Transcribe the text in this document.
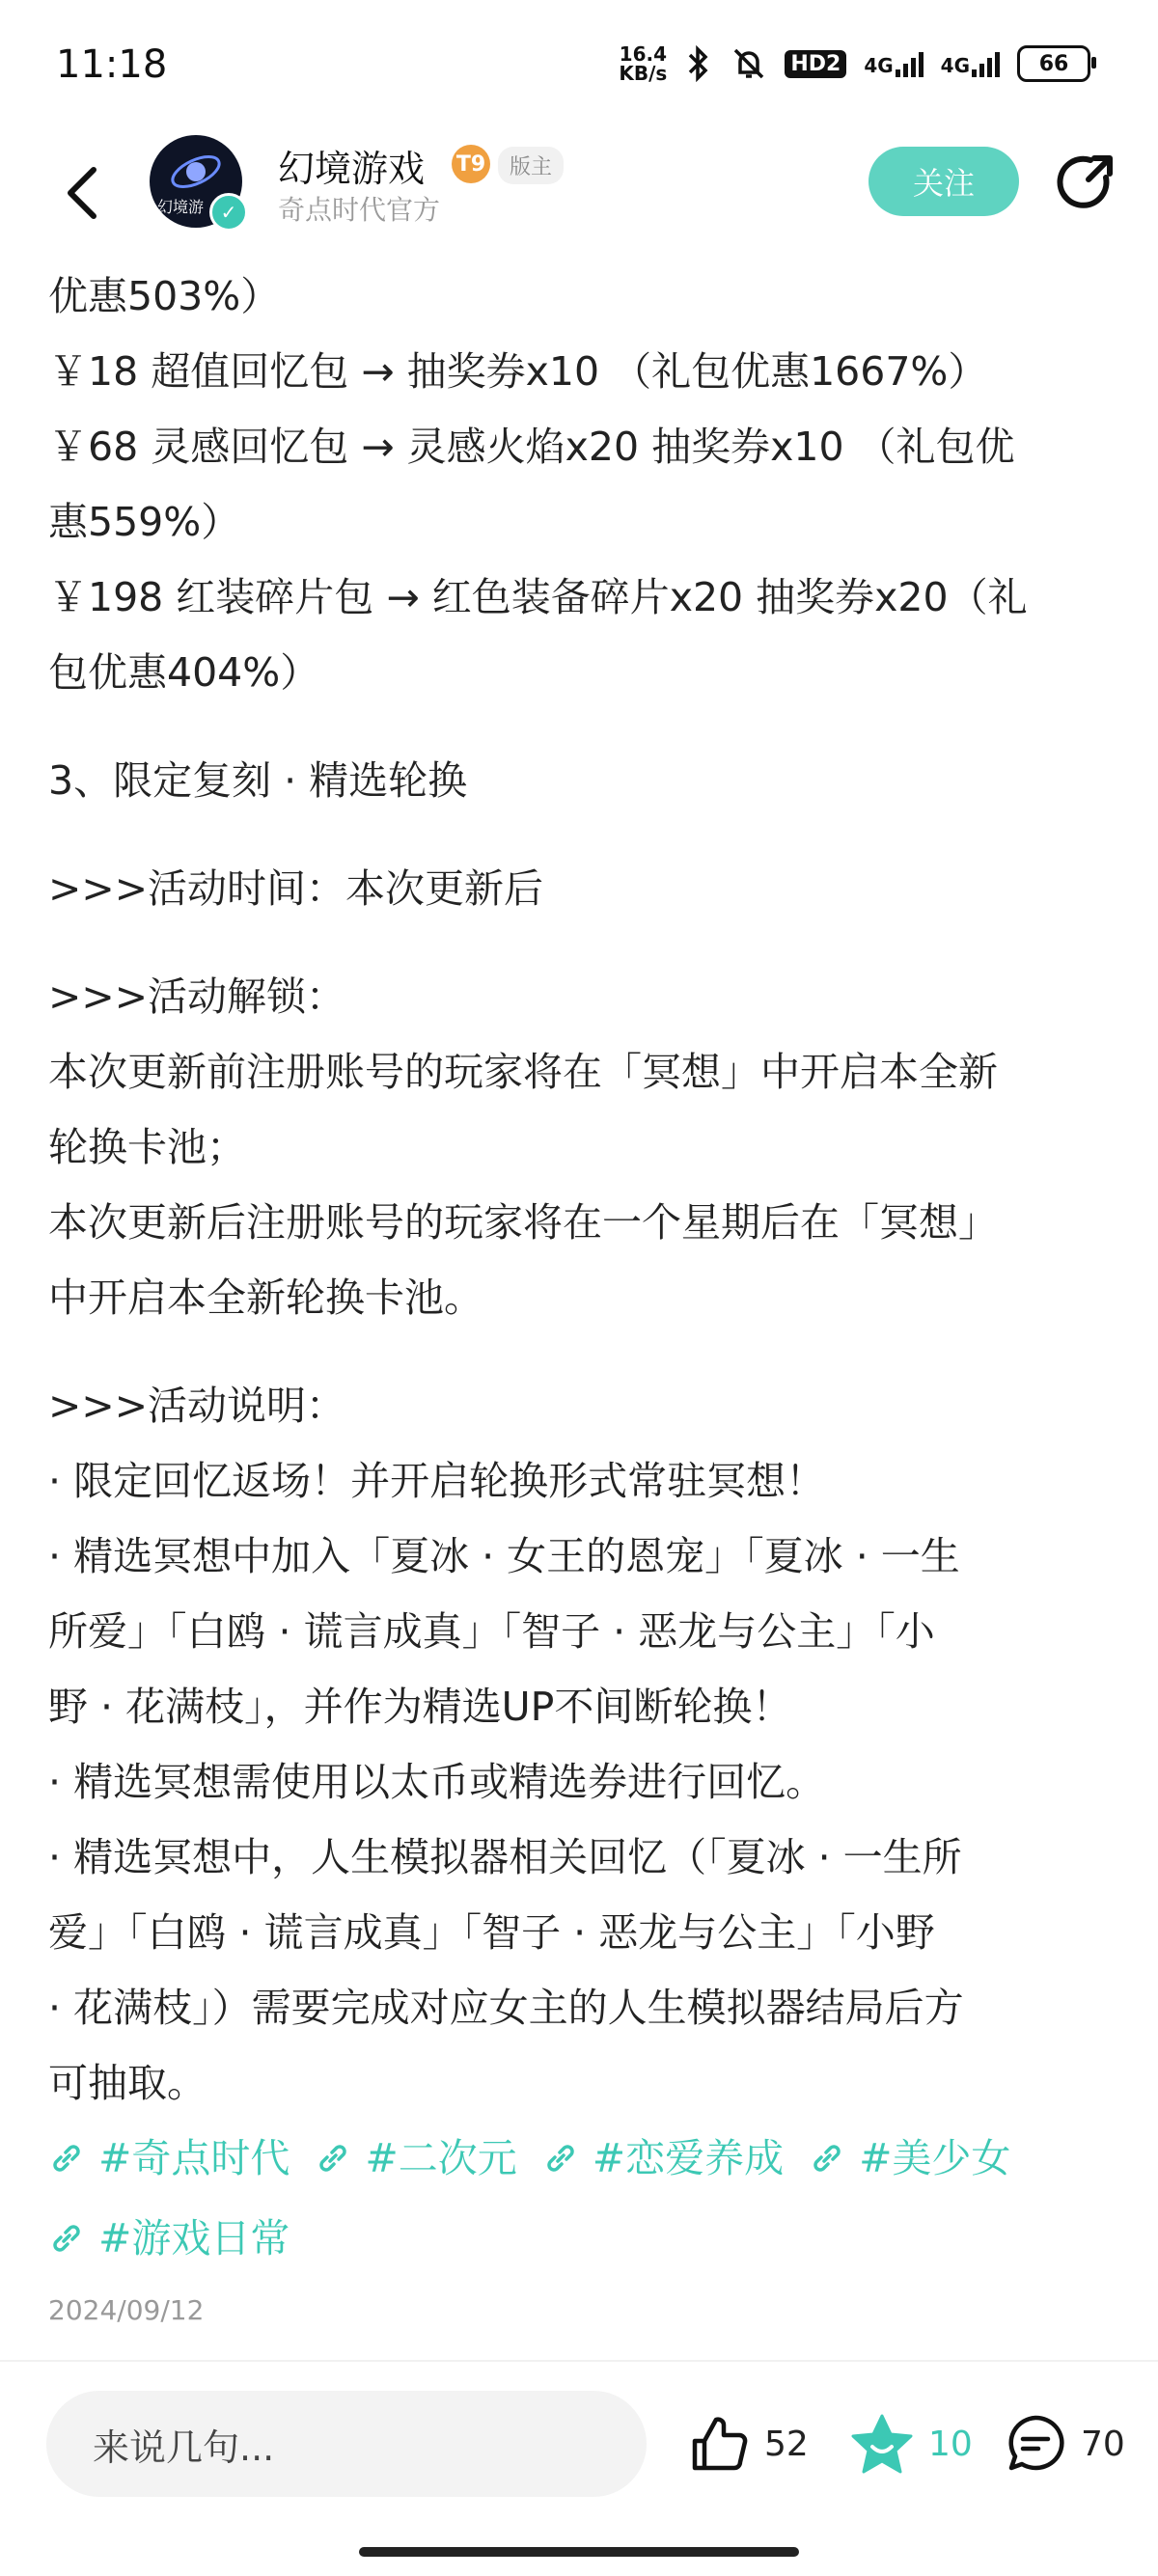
11:18	16.4
KB/s	HD2	4G 4G	66
幻境游 ✓
幻境游戏 T9	版主
奇点时代官方
关注

优惠503%）

￥18 超值回忆包 → 抽奖券x10 （礼包优惠1667%）

￥68 灵感回忆包 → 灵感火焰x20 抽奖券x10 （礼包优

惠559%）

￥198 红装碎片包 → 红色装备碎片x20 抽奖券x20（礼

包优惠404%）

3、限定复刻 · 精选轮换

>>>活动时间：本次更新后

>>>活动解锁：

本次更新前注册账号的玩家将在「冥想」中开启本全新

轮换卡池；

本次更新后注册账号的玩家将在一个星期后在「冥想」

中开启本全新轮换卡池。

>>>活动说明：

· 限定回忆返场！并开启轮换形式常驻冥想！

· 精选冥想中加入「夏冰 · 女王的恩宠」「夏冰 · 一生

所爱」「白鸥 · 谎言成真」「智子 · 恶龙与公主」「小

野 · 花满枝」，并作为精选UP不间断轮换！

· 精选冥想需使用以太币或精选券进行回忆。

· 精选冥想中，人生模拟器相关回忆（「夏冰 · 一生所

爱」「白鸥 · 谎言成真」「智子 · 恶龙与公主」「小野

· 花满枝」）需要完成对应女主的人生模拟器结局后方

可抽取。

#奇点时代 #二次元 #恋爱养成 #美少女

#游戏日常
2024/09/12
来说几句...	52	10	70
